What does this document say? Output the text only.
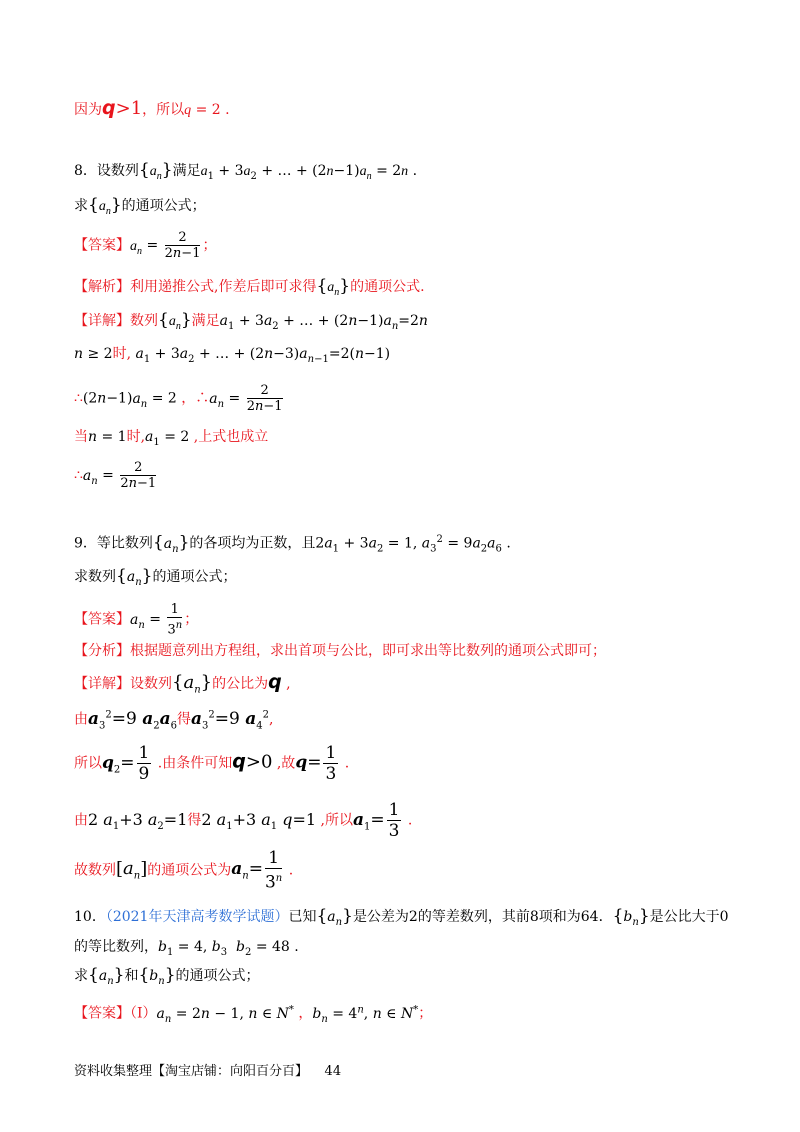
因为q>1，所以q = 2 .
8．设数列$\{a_n\}$满足$a_1 + 3a_2$ + … + $(2n-1)a_n = 2n$ .
求$\{a_n\}$的通项公式；
【答案】$a_n = \frac{2}{2n-1}$ ；
【解析】利用递推公式,作差后即可求得$\{a_n\}$的通项公式.
【详解】数列$\{a_n\}$满足$a_1 + 3a_2$ + … + $(2n-1)a_n=2n$
n ≥ 2时, $a_1 + 3a_2$ + … + $(2n-3)a_{n-1}=2(n-1)$
$\therefore(2n-1)a_n = 2$ ，$\therefore a_n = \frac{2}{2n-1}$
当n = 1时$,a_1 = 2$ ,上式也成立
$\therefore a_n = \frac{2}{2n-1}$
9．等比数列$\{a_n\}$的各项均为正数，且$2a_1 + 3a_2 = 1$, $a_3^2 = 9a_2a_6$ .
求数列$\{a_n\}$的通项公式；
【答案】$a_n = \frac{1}{3^n}$ ；
【分析】根据题意列出方程组，求出首项与公比，即可求出等比数列的通项公式即可；
【详解】设数列$\{a_n\}$的公比为q ,
由$a_3^2=9$ $a_2a_6$得$a_3^2=9$ $a_4^2$,
所以$q_2= \frac{1}{9}$ .由条件可知q>0 ,故$q= \frac{1}{3}$ .
由2 $a_1+3$ $a_2=1$得2 $a_1+3$ $a_1$ q=1 ,所以$a_1= \frac{1}{3}$ .
故数列$[a_n]$的通项公式为$a_n= \frac{1}{3^n}$ .
10．（2021年天津高考数学试题）已知$\{a_n\}$是公差为2的等差数列，其前8项和为64．$\{b_n\}$是公比大于0
的等比数列，$b_1 = 4$, $b_3$ $b_2 = 48$ .
求$\{a_n\}$和$\{b_n\}$的通项公式；
【答案】$(I)a_n = 2n - 1$, n ∈ N* ，$b_n = 4^n$, n ∈ N*；
资料收集整理【淘宝店铺：向阳百分百】 44
